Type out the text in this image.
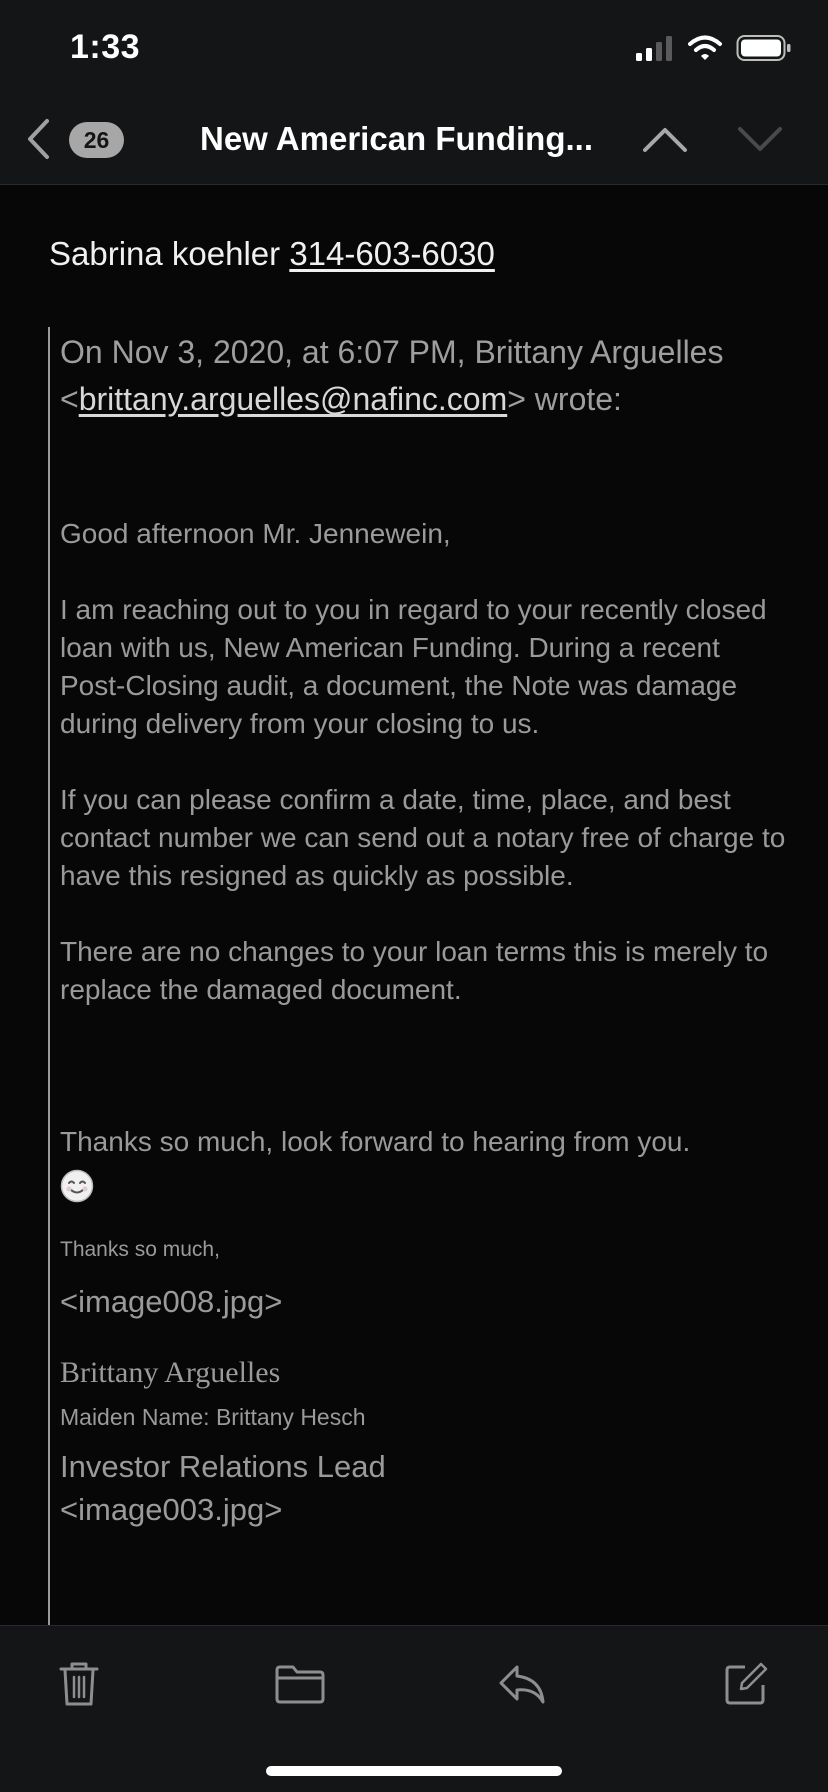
1:33
26	New American Funding...
Sabrina koehler 314-603-6030

On Nov 3, 2020, at 6:07 PM, Brittany Arguelles
<brittany.arguelles@nafinc.com> wrote:

Good afternoon Mr. Jennewein,

I am reaching out to you in regard to your recently closed loan with us, New American Funding. During a recent Post-Closing audit, a document, the Note was damage during delivery from your closing to us.

If you can please confirm a date, time, place, and best contact number we can send out a notary free of charge to have this resigned as quickly as possible.

There are no changes to your loan terms this is merely to replace the damaged document.

Thanks so much, look forward to hearing from you.

Thanks so much,

<image008.jpg>

Brittany Arguelles

Maiden Name: Brittany Hesch

Investor Relations Lead

<image003.jpg>
